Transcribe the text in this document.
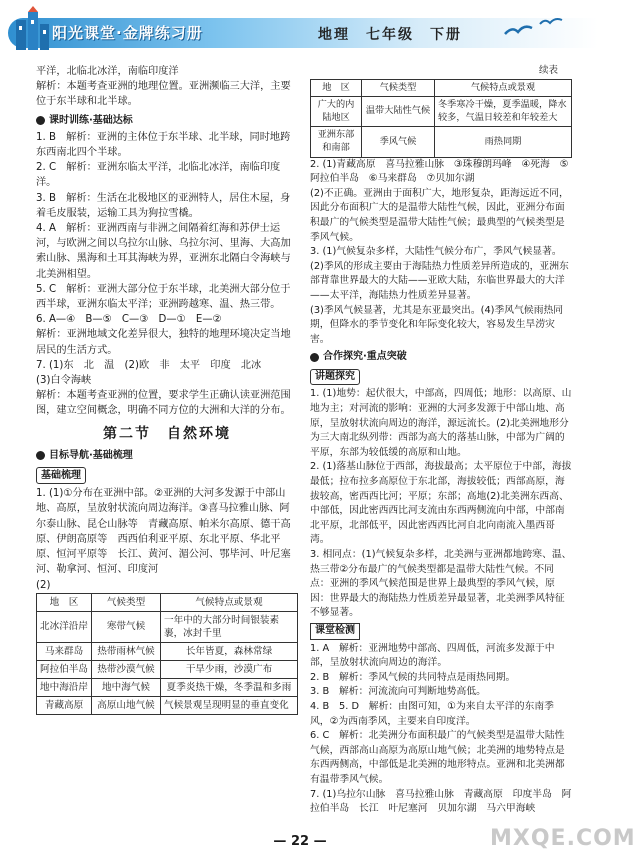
阳光课堂·金牌练习册	地理　七年级　下册

平洋，北临北冰洋，南临印度洋

解析：本题考查亚洲的地理位置。亚洲濒临三大洋，主要位于东半球和北半球。

课时训练·基础达标

1. B　解析：亚洲的主体位于东半球、北半球，同时地跨东西南北四个半球。

2. C　解析：亚洲东临太平洋，北临北冰洋，南临印度洋。

3. B　解析：生活在北极地区的亚洲特人，居住木屋，身着毛皮服装，运输工具为狗拉雪橇。

4. A　解析：亚洲西南与非洲之间隔着红海和苏伊士运河，与欧洲之间以乌拉尔山脉、乌拉尔河、里海、大高加索山脉、黑海和土耳其海峡为界，亚洲东北隔白令海峡与北美洲相望。

5. C　解析：亚洲大部分位于东半球，北美洲大部分位于西半球，亚洲东临太平洋；亚洲跨越寒、温、热三带。

6. A—④　B—⑤　C—③　D—①　E—②

解析：亚洲地域文化差异很大，独特的地理环境决定当地居民的生活方式。

7. (1)东　北　温　(2)欧　非　太平　印度　北冰

(3)白令海峡

解析：本题考查亚洲的位置，要求学生正确认读亚洲范围图，建立空间概念，明确不同方位的大洲和大洋的分布。

第二节　自然环境
目标导航·基础梳理
基础梳理

1. (1)①分布在亚洲中部。②亚洲的大河多发源于中部山地、高原，呈放射状流向周边海洋。③喜马拉雅山脉、阿尔泰山脉、昆仑山脉等　青藏高原、帕米尔高原、德干高原、伊朗高原等　西西伯利亚平原、东北平原、华北平原、恒河平原等　长江、黄河、湄公河、鄂毕河、叶尼塞河、勒拿河、恒河、印度河

(2)

地　区	气候类型	气候特点或景观
北冰洋沿岸	寒带气候	一年中的大部分时间银装素裹，冰封千里
马来群岛	热带雨林气候	长年皆夏，森林常绿
阿拉伯半岛	热带沙漠气候	干旱少雨，沙漠广布
地中海沿岸	地中海气候	夏季炎热干燥，冬季温和多雨
青藏高原	高原山地气候	气候景观呈现明显的垂直变化
续表
地　区	气候类型	气候特点或景观
广大的内陆地区	温带大陆性气候	冬季寒冷干燥，夏季温暖，降水较多，气温日较差和年较差大
亚洲东部和南部	季风气候	雨热同期

2. (1)青藏高原　喜马拉雅山脉　③珠穆朗玛峰　④死海　⑤阿拉伯半岛　⑥马来群岛　⑦贝加尔湖

(2)不正确。亚洲由于面积广大，地形复杂，距海远近不同，因此分布面积广大的是温带大陆性气候，因此，亚洲分布面积最广的气候类型是温带大陆性气候；最典型的气候类型是季风气候。

3. (1)气候复杂多样，大陆性气候分布广，季风气候显著。

(2)季风的形成主要由于海陆热力性质差异所造成的，亚洲东部背靠世界最大的大陆——亚欧大陆，东临世界最大的大洋——太平洋，海陆热力性质差异显著。

(3)季风气候显著，尤其是东亚最突出。(4)季风气候雨热同期，但降水的季节变化和年际变化较大，容易发生旱涝灾害。

合作探究·重点突破
讲题探究

1. (1)地势：起伏很大，中部高，四周低；地形：以高原、山地为主；对河流的影响：亚洲的大河多发源于中部山地、高原，呈放射状流向周边的海洋，源远流长。(2)北美洲地形分为三大南北纵列带：西部为高大的落基山脉，中部为广阔的平原，东部为较低缓的高原和山地。

2. (1)落基山脉位于西部，海拔最高；太平原位于中部，海拔最低；拉布拉多高原位于东北部，海拔较低；西部高原，海拔较高，密西西比河；平原；东部；高地(2)北美洲东西高、中部低，因此密西西比河支流由东西两侧流向中部，中部南北平原，北部低平，因此密西西比河自北向南流入墨西哥湾。

3. 相同点：(1)气候复杂多样，北美洲与亚洲都地跨寒、温、热三带②分布最广的气候类型都是温带大陆性气候。不同点：亚洲的季风气候范围是世界上最典型的季风气候，原因：世界最大的海陆热力性质差异最显著，北美洲季风特征不够显著。

课堂检测

1. A　解析：亚洲地势中部高、四周低，河流多发源于中部，呈放射状流向周边的海洋。

2. B　解析：季风气候的共同特点是雨热同期。

3. B　解析：河流流向可判断地势高低。

4. B　5. D　解析：由图可知，①为来自太平洋的东南季风，②为西南季风，主要来自印度洋。

6. C　解析：北美洲分布面积最广的气候类型是温带大陆性气候，西部高山高原为高原山地气候；北美洲的地势特点是东西两侧高，中部低是北美洲的地形特点。亚洲和北美洲都有温带季风气候。

7. (1)乌拉尔山脉　喜马拉雅山脉　青藏高原　印度半岛　阿拉伯半岛　长江　叶尼塞河　贝加尔湖　马六甲海峡

— 22 —	MXQE.COM
